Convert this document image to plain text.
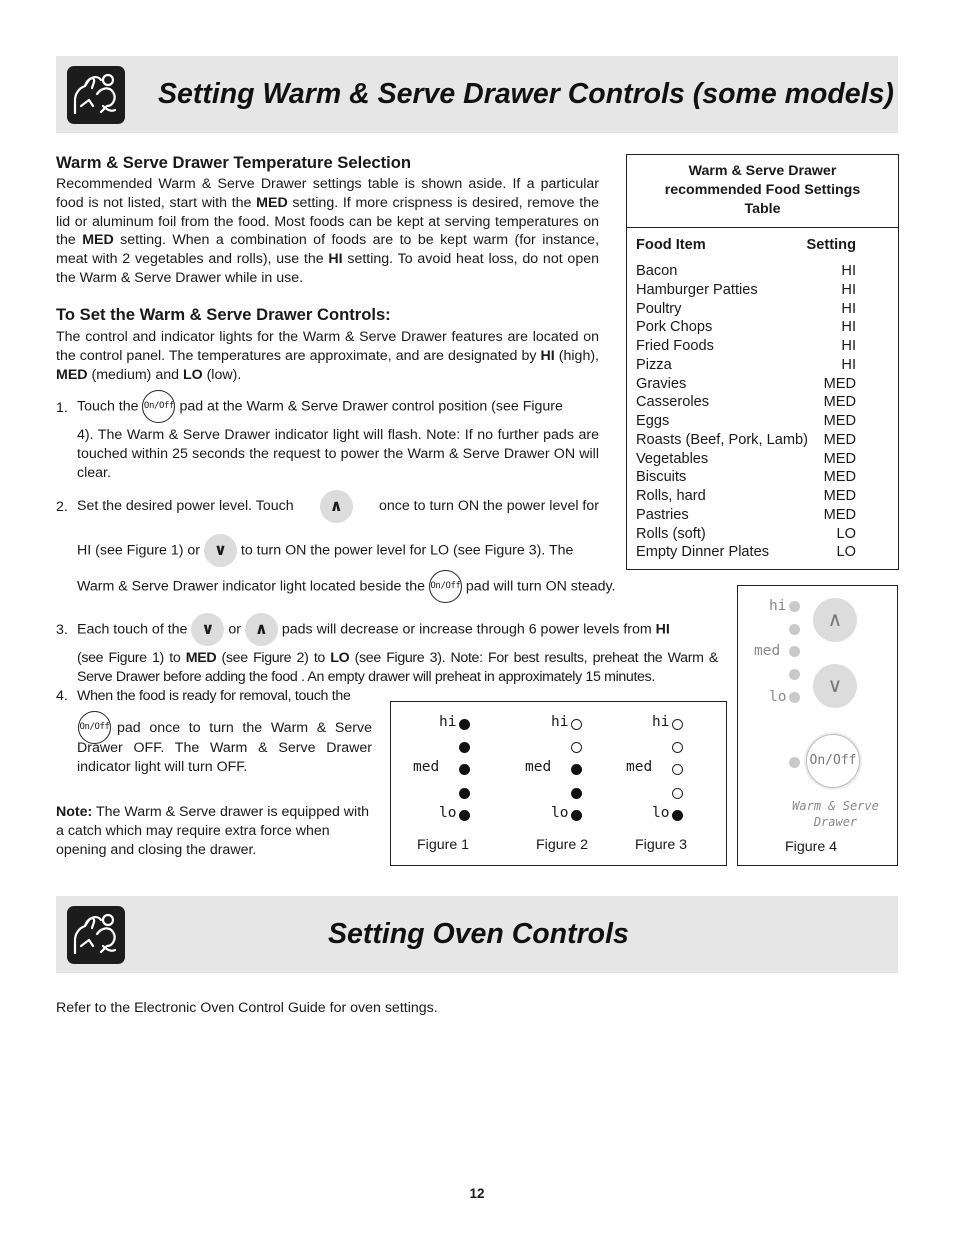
Setting Warm & Serve Drawer Controls (some models)
Warm & Serve Drawer Temperature Selection

Recommended Warm & Serve Drawer settings table is shown aside. If a particular food is not listed, start with the MED setting. If more crispness is desired, remove the lid or aluminum foil from the food. Most foods can be kept at serving temperatures on the MED setting. When a combination of foods are to be kept warm (for instance, meat with 2 vegetables and rolls), use the HI setting. To avoid heat loss, do not open the Warm & Serve Drawer while in use.

To Set the Warm & Serve Drawer Controls:

The control and indicator lights for the Warm & Serve Drawer features are located on the control panel. The temperatures are approximate, and are designated by HI (high), MED (medium) and LO (low).

1. Touch the On/Off pad at the Warm & Serve Drawer control position (see Figure

4). The Warm & Serve Drawer indicator light will flash. Note: If no further pads are touched within 25 seconds the request to power the Warm & Serve Drawer ON will clear.

2. Set the desired power level. Touch	∧	once to turn ON the power level for
HI (see Figure 1) or ∨ to turn ON the power level for LO (see Figure 3). The
Warm & Serve Drawer indicator light located beside the On/Off pad will turn ON steady.
3. Each touch of the ∨ or ∧ pads will decrease or increase through 6 power levels from HI

(see Figure 1) to MED (see Figure 2) to LO (see Figure 3). Note: For best results, preheat the Warm & Serve Drawer before adding the food . An empty drawer will preheat in approximately 15 minutes.

4. When the food is ready for removal, touch the
On/Off pad once to turn the Warm & Serve Drawer OFF. The Warm & Serve Drawer indicator light will turn OFF.

Note: The Warm & Serve drawer is equipped with a catch which may require extra force when opening and closing the drawer.

Warm & Serve Drawer recommended Food Settings Table
Food Item	Setting
Bacon	HI
Hamburger Patties	HI
Poultry	HI
Pork Chops	HI
Fried Foods	HI
Pizza	HI
Gravies	MED
Casseroles	MED
Eggs	MED
Roasts (Beef, Pork, Lamb) MED
Vegetables	MED
Biscuits	MED
Rolls, hard	MED
Pastries	MED
Rolls (soft)	LO
Empty Dinner Plates	LO
hi
med
lo
Figure 1
hi
med
lo
Figure 2
hi
med
lo
Figure 3
hi
med
lo
∧
∨
On/Off
Warm & Serve
Drawer
Figure 4
Setting Oven Controls

Refer to the Electronic Oven Control Guide for oven settings.

12
